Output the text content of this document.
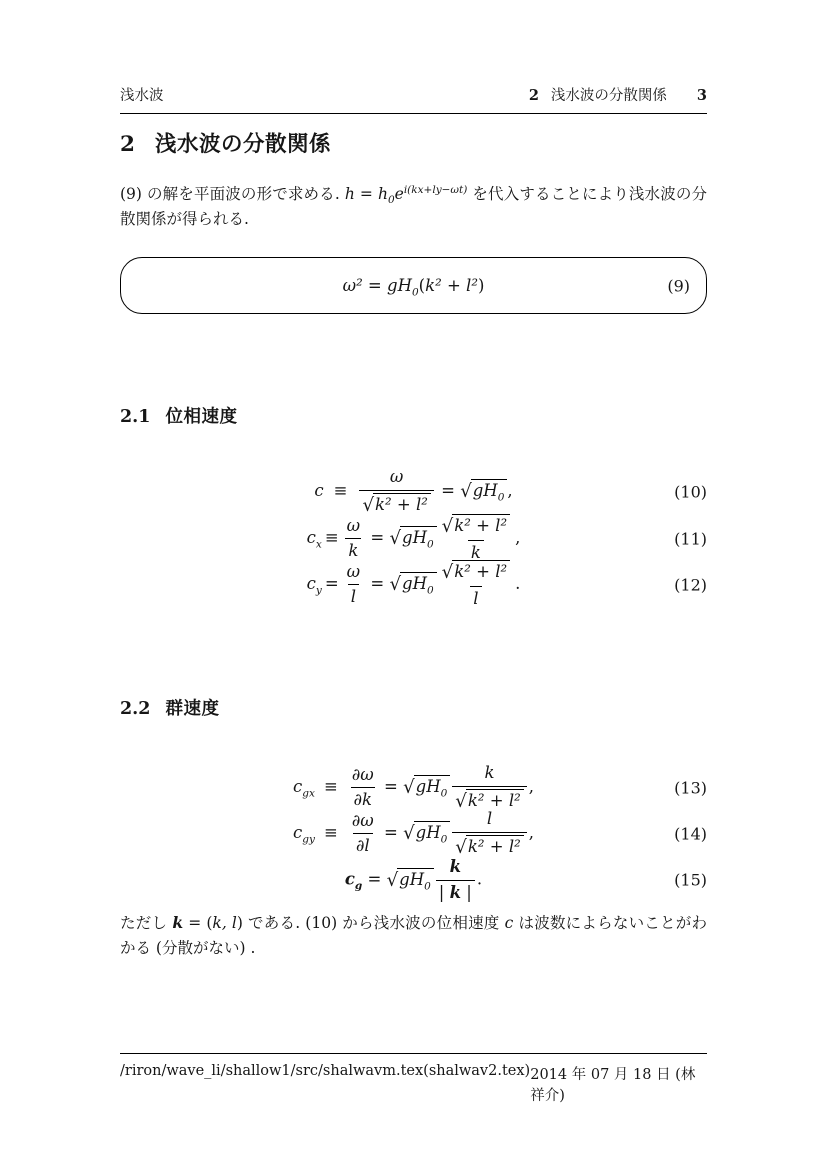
浅水波	2 浅水波の分散関係 3
2 浅水波の分散関係

(9) の解を平面波の形で求める. $h = h_0e^{i(kx+ly-\omega t)}$ を代入することにより浅水波の分散関係が得られる.

$\omega^2 = gH_0(k^2 + l^2)$	(9)
2.1 位相速度
$c \equiv \frac{\omega}{\text{√k² + l²}} = √gH_0$ ,	(10)
$c_x \equiv \frac{\omega}{k} = √gH_0 \frac{\text{√k² + l²}}{k}$ ,	(11)
$c_y = \frac{\omega}{l} = √gH_0 \frac{\text{√k² + l²}}{l}$ .	(12)
2.2 群速度
$c_{gx} \equiv \frac{\partial\omega}{\partial k} = √gH_0 \frac{k}{\text{√k² + l²}}$ ,	(13)
$c_{gy} \equiv \frac{\partial\omega}{\partial l} = √gH_0 \frac{l}{\text{√k² + l²}}$ ,	(14)
$c_g = √gH_0 \frac{k}{| k |}$ .	(15)

ただし k = (k, l) である. (10) から浅水波の位相速度 c は波数によらないことがわかる (分散がない) .

/riron/wave_li/shallow1/src/shalwavm.tex(shalwav2.tex) 2014 年 07 月 18 日 (林 祥介)
